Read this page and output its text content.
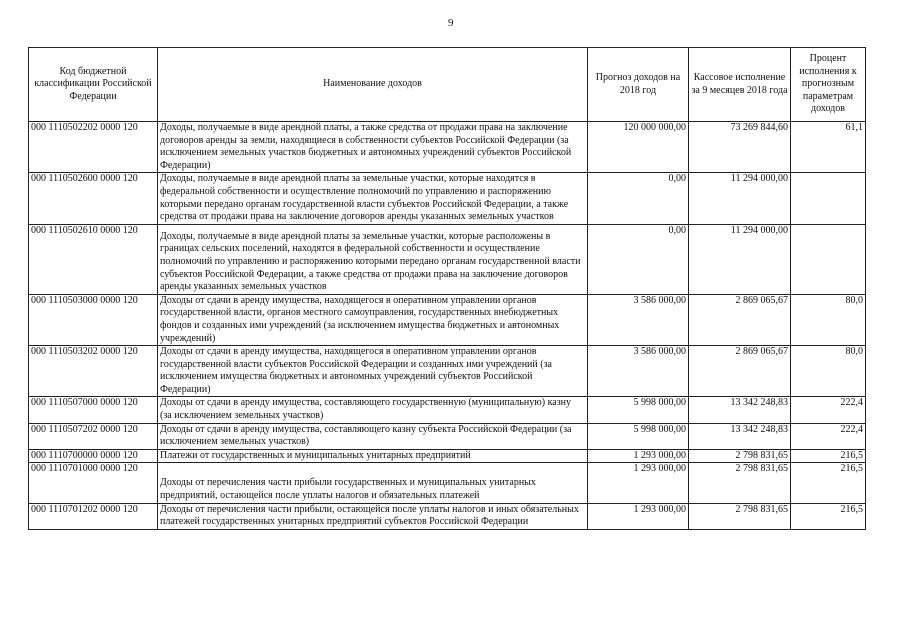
9
Код бюджетной классификации Российской Федерации	Наименование доходов	Прогноз доходов на 2018 год	Кассовое исполнение за 9 месяцев 2018 года	Процент исполнения к прогнозным параметрам доходов
000 1110502202 0000 120	Доходы, получаемые в виде арендной платы, а также средства от продажи права на заключение договоров аренды за земли, находящиеся в собственности субъектов Российской Федерации (за исключением земельных участков бюджетных и автономных учреждений субъектов Российской Федерации)	120 000 000,00	73 269 844,60	61,1
000 1110502600 0000 120	Доходы, получаемые в виде арендной платы за земельные участки, которые находятся в федеральной собственности и осуществление полномочий по управлению и распоряжению которыми передано органам государственной власти субъектов Российской Федерации, а также средства от продажи права на заключение договоров аренды указанных земельных участков	0,00	11 294 000,00	
000 1110502610 0000 120	Доходы, получаемые в виде арендной платы за земельные участки, которые расположены в границах сельских поселений, находятся в федеральной собственности и осуществление полномочий по управлению и распоряжению которыми передано органам государственной власти субъектов Российской Федерации, а также средства от продажи права на заключение договоров аренды указанных земельных участков	0,00	11 294 000,00	
000 1110503000 0000 120	Доходы от сдачи в аренду имущества, находящегося в оперативном управлении органов государственной власти, органов местного самоуправления, государственных внебюджетных фондов и созданных ими учреждений (за исключением имущества бюджетных и автономных учреждений)	3 586 000,00	2 869 065,67	80,0
000 1110503202 0000 120	Доходы от сдачи в аренду имущества, находящегося в оперативном управлении органов государственной власти субъектов Российской Федерации и созданных ими учреждений (за исключением имущества бюджетных и автономных учреждений субъектов Российской Федерации)	3 586 000,00	2 869 065,67	80,0
000 1110507000 0000 120	Доходы от сдачи в аренду имущества, составляющего государственную (муниципальную) казну (за исключением земельных участков)	5 998 000,00	13 342 248,83	222,4
000 1110507202 0000 120	Доходы от сдачи в аренду имущества, составляющего казну субъекта Российской Федерации (за исключением земельных участков)	5 998 000,00	13 342 248,83	222,4
000 1110700000 0000 120	Платежи от государственных и муниципальных унитарных предприятий	1 293 000,00	2 798 831,65	216,5
000 1110701000 0000 120	Доходы от перечисления части прибыли государственных и муниципальных унитарных предприятий, остающейся после уплаты налогов и обязательных платежей	1 293 000,00	2 798 831,65	216,5
000 1110701202 0000 120	Доходы от перечисления части прибыли, остающейся после уплаты налогов и иных обязательных платежей государственных унитарных предприятий субъектов Российской Федерации	1 293 000,00	2 798 831,65	216,5
